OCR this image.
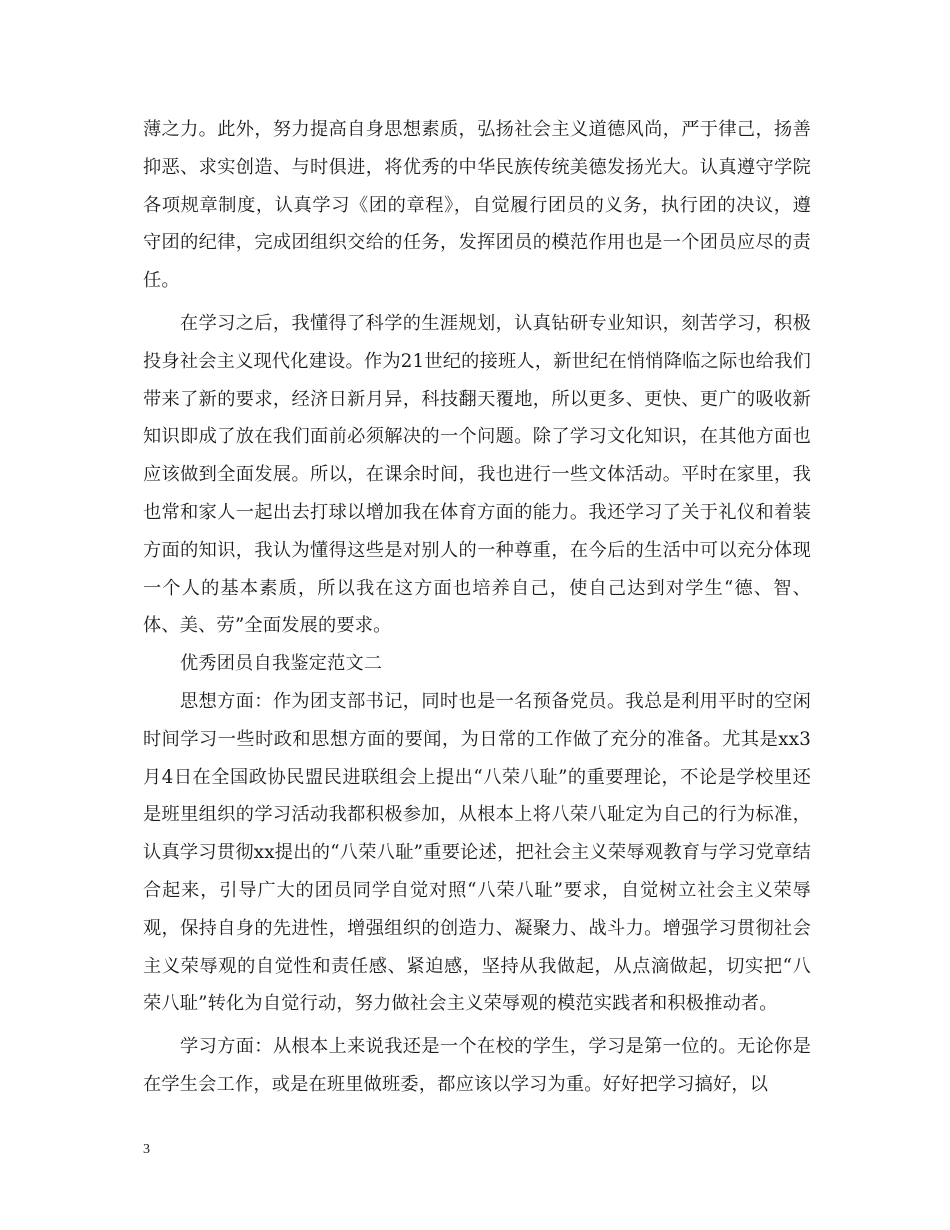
薄之力。此外，努力提高自身思想素质，弘扬社会主义道德风尚，严于律己，扬善抑恶、求实创造、与时俱进，将优秀的中华民族传统美德发扬光大。认真遵守学院各项规章制度，认真学习《团的章程》，自觉履行团员的义务，执行团的决议，遵守团的纪律，完成团组织交给的任务，发挥团员的模范作用也是一个团员应尽的责任。

在学习之后，我懂得了科学的生涯规划，认真钻研专业知识，刻苦学习，积极投身社会主义现代化建设。作为21世纪的接班人，新世纪在悄悄降临之际也给我们带来了新的要求，经济日新月异，科技翻天覆地，所以更多、更快、更广的吸收新知识即成了放在我们面前必须解决的一个问题。除了学习文化知识，在其他方面也应该做到全面发展。所以，在课余时间，我也进行一些文体活动。平时在家里，我也常和家人一起出去打球以增加我在体育方面的能力。我还学习了关于礼仪和着装方面的知识，我认为懂得这些是对别人的一种尊重，在今后的生活中可以充分体现一个人的基本素质，所以我在这方面也培养自己，使自己达到对学生“德、智、体、美、劳”全面发展的要求。

优秀团员自我鉴定范文二

思想方面：作为团支部书记，同时也是一名预备党员。我总是利用平时的空闲时间学习一些时政和思想方面的要闻，为日常的工作做了充分的准备。尤其是xx3月4日在全国政协民盟民进联组会上提出“八荣八耻”的重要理论，不论是学校里还是班里组织的学习活动我都积极参加，从根本上将八荣八耻定为自己的行为标准，认真学习贯彻xx提出的“八荣八耻”重要论述，把社会主义荣辱观教育与学习党章结合起来，引导广大的团员同学自觉对照“八荣八耻”要求，自觉树立社会主义荣辱观，保持自身的先进性，增强组织的创造力、凝聚力、战斗力。增强学习贯彻社会主义荣辱观的自觉性和责任感、紧迫感，坚持从我做起，从点滴做起，切实把“八荣八耻”转化为自觉行动，努力做社会主义荣辱观的模范实践者和积极推动者。

学习方面：从根本上来说我还是一个在校的学生，学习是第一位的。无论你是在学生会工作，或是在班里做班委，都应该以学习为重。好好把学习搞好，以

3
